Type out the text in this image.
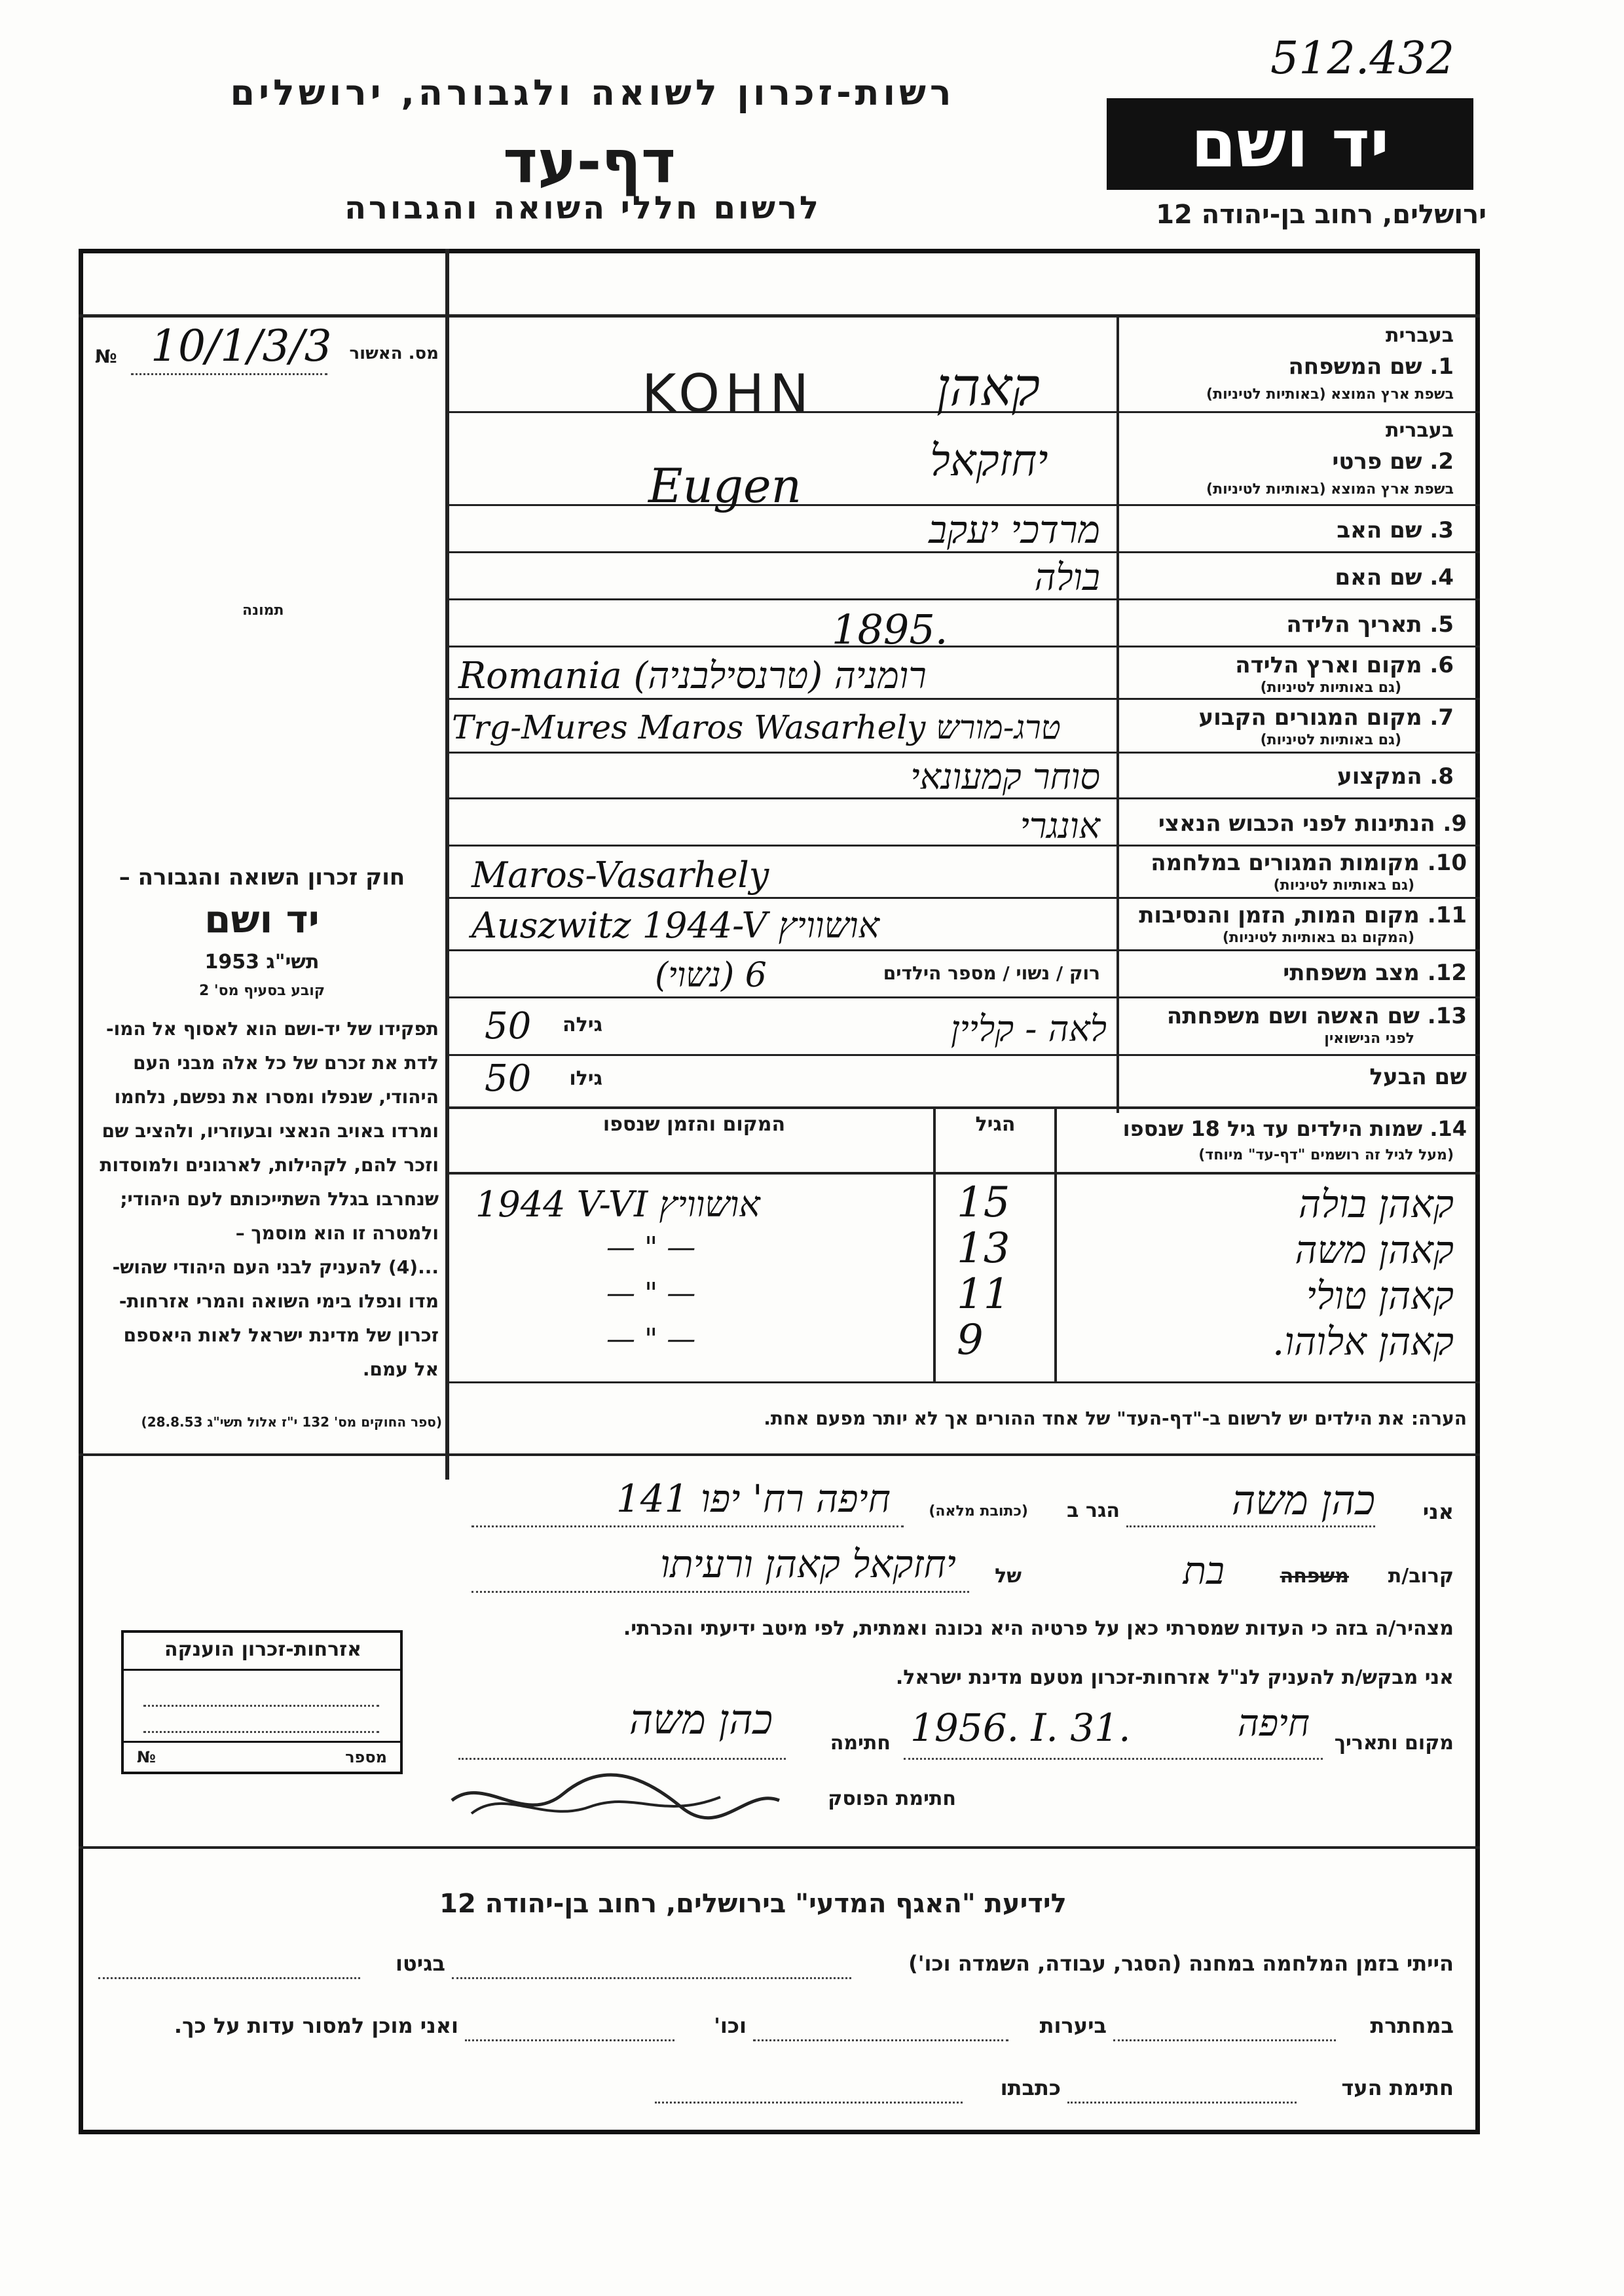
512.432
רשות-זכרון לשואה ולגבורה, ירושלים
דף-עד
לרשום חללי השואה והגבורה
יד ושם
ירושלים, רחוב בן-יהודה 12
מס. האשור
№ 10/1/3/3
תמונה
בעברית
1. שם המשפחה
בשפת ארץ המוצא (באותיות לטיניות)
בעברית
2. שם פרטי
בשפת ארץ המוצא (באותיות לטיניות)
3. שם האב
4. שם האם
5. תאריך הלידה
6. מקום וארץ הלידה
(גם באותיות לטיניות)
7. מקום המגורים הקבוע
(גם באותיות לטיניות)
8. המקצוע
9. הנתינות לפני הכבוש הנאצי
10. מקומות המגורים במלחמה
(גם באותיות לטיניות)
11. מקום המות, הזמן והנסיבות
(המקום גם באותיות לטיניות)
12. מצב משפחתי
רוק / נשוי / מספר הילדים
13. שם האשה ושם משפחתה
לפני הנישואין
גילה
שם הבעל
גילו
קאהן
KOHN
יחזקאל
Eugen
מרדכי יעקב
בולה
1895.
Romania (טרנסילבניה) רומניה
Trg-Mures Maros Wasarhely טרג-מורש
סוחר קמעונאי
אונגרי
Maros-Vasarhely
Auszwitz 1944-V אושוויץ
(נשוי) 6
50	לאה - קליין
50
14. שמות הילדים עד גיל 18 שנספו
(מעל לגיל זה רושמים "דף-עד" מיוחד)
הגיל
המקום והזמן שנספו
קאהן בולה
15
1944 V-VI אושוויץ
קאהן משה
13
— " —
קאהן טולי
11
— " —
קאהן אלוהו.
9
— " —
הערה: את הילדים יש לרשום ב-"דף-העד" של אחד ההורים אך לא יותר מפעם אחת.
חוק זכרון השואה והגבורה –
יד ושם
תשי"ג 1953
קובע בסעיף מס' 2
תפקידו של יד-ושם הוא לאסוף אל המו-
לדת את זכרם של כל אלה מבני העם
היהודי, שנפלו ומסרו את נפשם, נלחמו
ומרדו באויב הנאצי ובעוזריו, ולהציב שם
וזכר להם, לקהילות, לארגונים ולמוסדות
שנחרבו בגלל השתייכותם לעם היהודי;
ולמטרה זו הוא מוסמך –
...(4) להעניק לבני העם היהודי שהוש-
מדו ונפלו בימי השואה והמרי אזרחות-
זכרון של מדינת ישראל לאות היאספם
אל עמם.
(ספר החוקים מס' 132 י"ז אלול תשי"ג 28.8.53)
אני
כהן משה
הגר ב
(כתובת מלאה)
חיפה רח' יפו 141
קרוב/ת
משפחה
בת
של
יחזקאל קאהן ורעיתו
מצהיר/ה בזה כי העדות שמסרתי כאן על פרטיה היא נכונה ואמתית, לפי מיטב ידיעתי והכרתי.
אני מבקש/ת להעניק לנ"ל אזרחות-זכרון מטעם מדינת ישראל.
מקום ותאריך
חיפה
1956. I. 31.
חתימה
כהן משה
חתימת הפוסק
אזרחות-זכרון הוענקה
מספר
№
לידיעת "האגף המדעי" בירושלים, רחוב בן-יהודה 12
הייתי בזמן המלחמה במחנה (הסגר, עבודה, השמדה וכו')
בגיטו
במחתרת
ביערות
וכו'
ואני מוכן למסור עדות על כך.
חתימת העד
כתבתו
